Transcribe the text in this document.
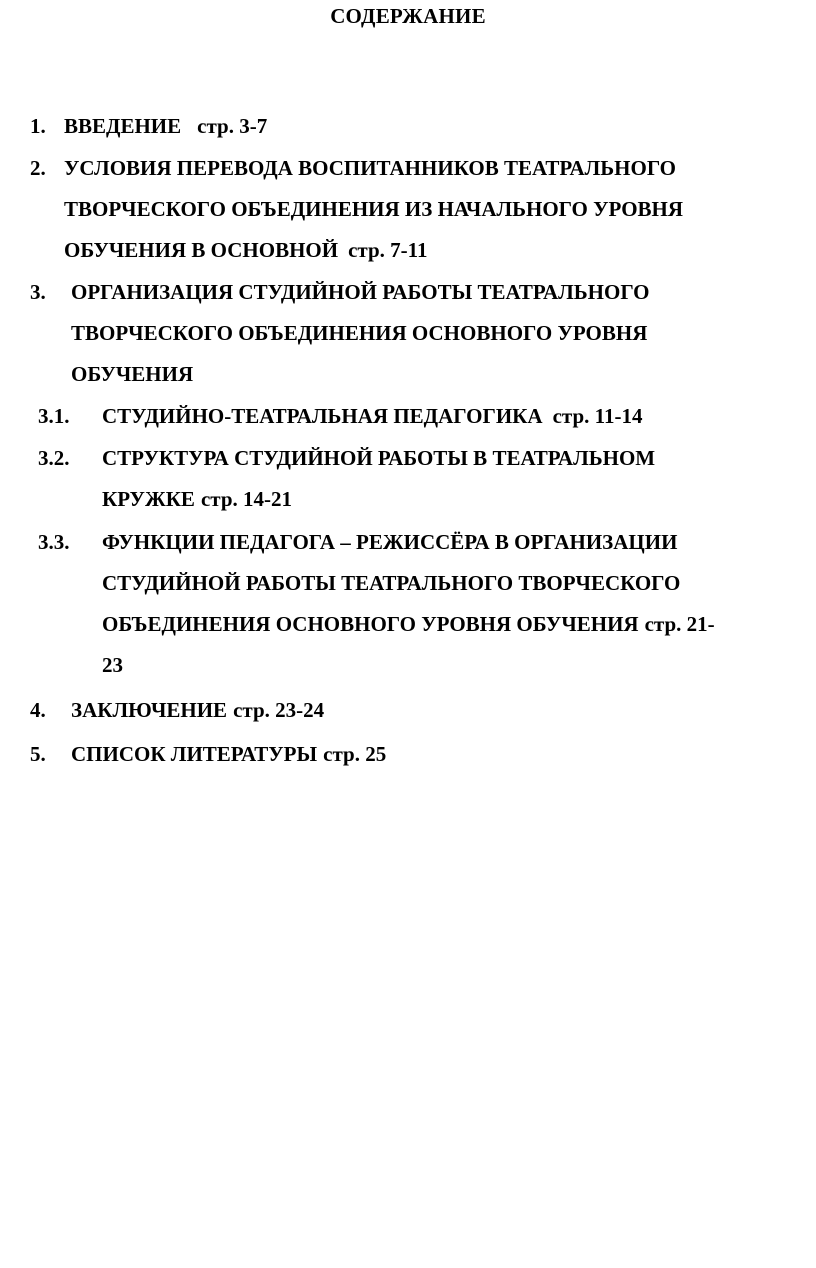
СОДЕРЖАНИЕ
1. ВВЕДЕНИЕ стр. 3-7
2. УСЛОВИЯ ПЕРЕВОДА ВОСПИТАННИКОВ ТЕАТРАЛЬНОГО
ТВОРЧЕСКОГО ОБЪЕДИНЕНИЯ ИЗ НАЧАЛЬНОГО УРОВНЯ
ОБУЧЕНИЯ В ОСНОВНОЙ стр. 7-11
3. ОРГАНИЗАЦИЯ СТУДИЙНОЙ РАБОТЫ ТЕАТРАЛЬНОГО
ТВОРЧЕСКОГО ОБЪЕДИНЕНИЯ ОСНОВНОГО УРОВНЯ
ОБУЧЕНИЯ
3.1. СТУДИЙНО-ТЕАТРАЛЬНАЯ ПЕДАГОГИКА стр. 11-14
3.2. СТРУКТУРА СТУДИЙНОЙ РАБОТЫ В ТЕАТРАЛЬНОМ
КРУЖКЕ стр. 14-21
3.3. ФУНКЦИИ ПЕДАГОГА – РЕЖИССЁРА В ОРГАНИЗАЦИИ
СТУДИЙНОЙ РАБОТЫ ТЕАТРАЛЬНОГО ТВОРЧЕСКОГО
ОБЪЕДИНЕНИЯ ОСНОВНОГО УРОВНЯ ОБУЧЕНИЯ стр. 21-
23
4. ЗАКЛЮЧЕНИЕ стр. 23-24
5. СПИСОК ЛИТЕРАТУРЫ стр. 25
